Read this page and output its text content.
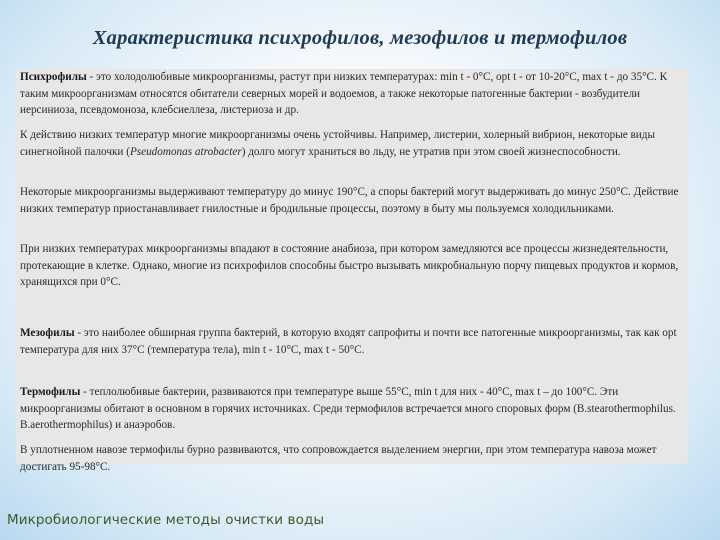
Характеристика психрофилов, мезофилов и термофилов

Психрофилы - это холодолюбивые микроорганизмы, растут при низких температурах: min t - 0°С, opt t - от 10-20°С, max t - до 35°С. К таким микроорганизмам относятся обитатели северных морей и водоемов, а также некоторые патогенные бактерии - возбудители иерсиниоза, псевдомоноза, клебсиеллеза, листериоза и др.

К действию низких температур многие микроорганизмы очень устойчивы. Например, листерии, холерный вибрион, некоторые виды синегнойной палочки (Pseudomonas atrobacter) долго могут храниться во льду, не утратив при этом своей жизнеспособности.

Некоторые микроорганизмы выдерживают температуру до минус 190°С, а споры бактерий могут выдерживать до минус 250°С. Действие низких температур приостанавливает гнилостные и бродильные процессы, поэтому в быту мы пользуемся холодильниками.

При низких температурах микроорганизмы впадают в состояние анабиоза, при котором замедляются все процессы жизнедеятельности, протекающие в клетке. Однако, многие из психрофилов способны быстро вызывать микробиальную порчу пищевых продуктов и кормов, хранящихся при 0°С.

Мезофилы - это наиболее обширная группа бактерий, в которую входят сапрофиты и почти все патогенные микроорганизмы, так как opt температура для них 37°С (температура тела), min t - 10°С, max t - 50°С.

Термофилы - теплолюбивые бактерии, развиваются при температуре выше 55°С, min t для них - 40°С, max t – до 100°С. Эти микроорганизмы обитают в основном в горячих источниках. Среди термофилов встречается много споровых форм (B.stearothermophilus. B.aerothermophilus) и анаэробов.

В уплотненном навозе термофилы бурно развиваются, что сопровождается выделением энергии, при этом температура навоза может достигать 95-98°С.

Микробиологические методы очистки воды
